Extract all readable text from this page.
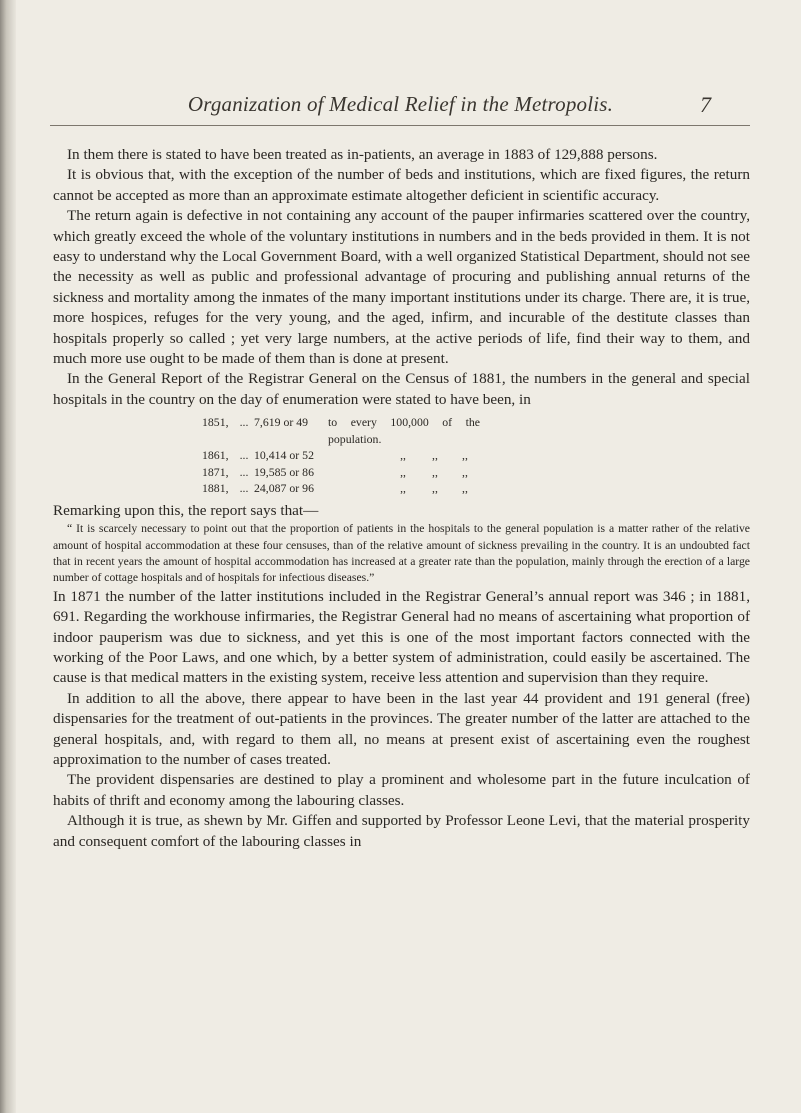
Organization of Medical Relief in the Metropolis.	7

In them there is stated to have been treated as in-patients, an average in 1883 of 129,888 persons.

It is obvious that, with the exception of the number of beds and institutions, which are fixed figures, the return cannot be accepted as more than an approximate estimate altogether deficient in scientific accuracy.

The return again is defective in not containing any account of the pauper infirmaries scattered over the country, which greatly exceed the whole of the voluntary institutions in numbers and in the beds provided in them. It is not easy to understand why the Local Government Board, with a well organized Statistical Department, should not see the necessity as well as public and professional advantage of procuring and publishing annual returns of the sickness and mortality among the inmates of the many important institutions under its charge. There are, it is true, more hospices, refuges for the very young, and the aged, infirm, and incurable of the destitute classes than hospitals properly so called ; yet very large numbers, at the active periods of life, find their way to them, and much more use ought to be made of them than is done at present.

In the General Report of the Registrar General on the Census of 1881, the numbers in the general and special hospitals in the country on the day of enumeration were stated to have been, in

1851,	...	7,619 or 49	to every 100,000 of the population.		
1861,	...	10,414 or 52	,,	,,	,,
1871,	...	19,585 or 86	,,	,,	,,
1881,	...	24,087 or 96	,,	,,	,,

Remarking upon this, the report says that—

“ It is scarcely necessary to point out that the proportion of patients in the hospitals to the general population is a matter rather of the relative amount of hospital accommodation at these four censuses, than of the relative amount of sickness prevailing in the country. It is an undoubted fact that in recent years the amount of hospital accommodation has increased at a greater rate than the population, mainly through the erection of a large number of cottage hospitals and of hospitals for infectious diseases.”

In 1871 the number of the latter institutions included in the Registrar General’s annual report was 346 ; in 1881, 691. Regarding the workhouse infirmaries, the Registrar General had no means of ascertaining what proportion of indoor pauperism was due to sickness, and yet this is one of the most important factors connected with the working of the Poor Laws, and one which, by a better system of administration, could easily be ascertained. The cause is that medical matters in the existing system, receive less attention and supervision than they require.

In addition to all the above, there appear to have been in the last year 44 provident and 191 general (free) dispensaries for the treatment of out-patients in the provinces. The greater number of the latter are attached to the general hospitals, and, with regard to them all, no means at present exist of ascertaining even the roughest approximation to the number of cases treated.

The provident dispensaries are destined to play a prominent and wholesome part in the future inculcation of habits of thrift and economy among the labouring classes.

Although it is true, as shewn by Mr. Giffen and supported by Professor Leone Levi, that the material prosperity and consequent comfort of the labouring classes in
